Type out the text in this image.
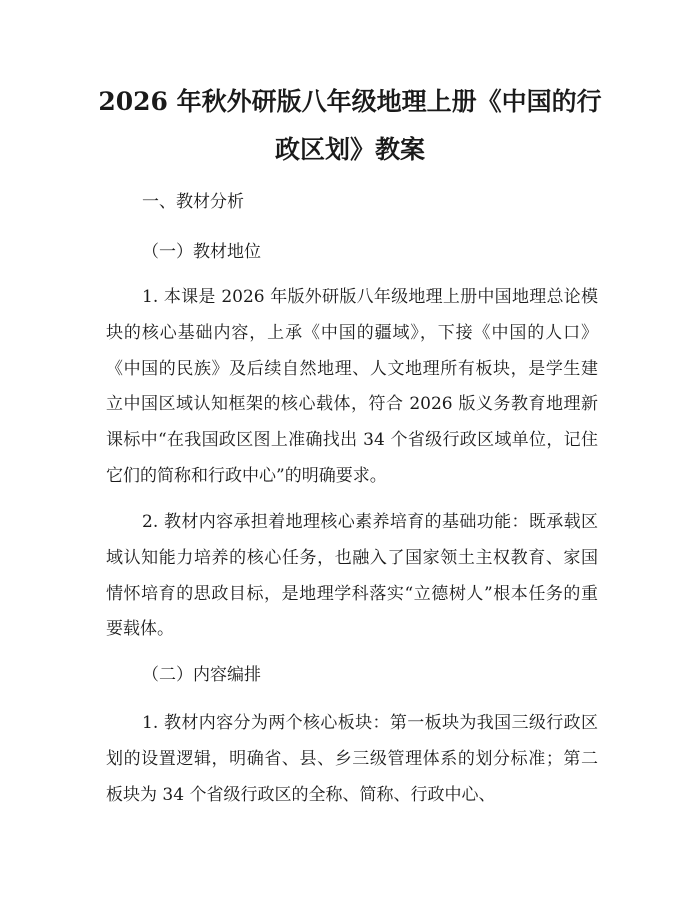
2026 年秋外研版八年级地理上册《中国的行
政区划》教案

一、教材分析

（一）教材地位

1. 本课是 2026 年版外研版八年级地理上册中国地理总论模块的核心基础内容，上承《中国的疆域》，下接《中国的人口》《中国的民族》及后续自然地理、人文地理所有板块，是学生建立中国区域认知框架的核心载体，符合 2026 版义务教育地理新课标中“在我国政区图上准确找出 34 个省级行政区域单位，记住它们的简称和行政中心”的明确要求。

2. 教材内容承担着地理核心素养培育的基础功能：既承载区域认知能力培养的核心任务，也融入了国家领土主权教育、家国情怀培育的思政目标，是地理学科落实“立德树人”根本任务的重要载体。

（二）内容编排

1. 教材内容分为两个核心板块：第一板块为我国三级行政区划的设置逻辑，明确省、县、乡三级管理体系的划分标准；第二板块为 34 个省级行政区的全称、简称、行政中心、
